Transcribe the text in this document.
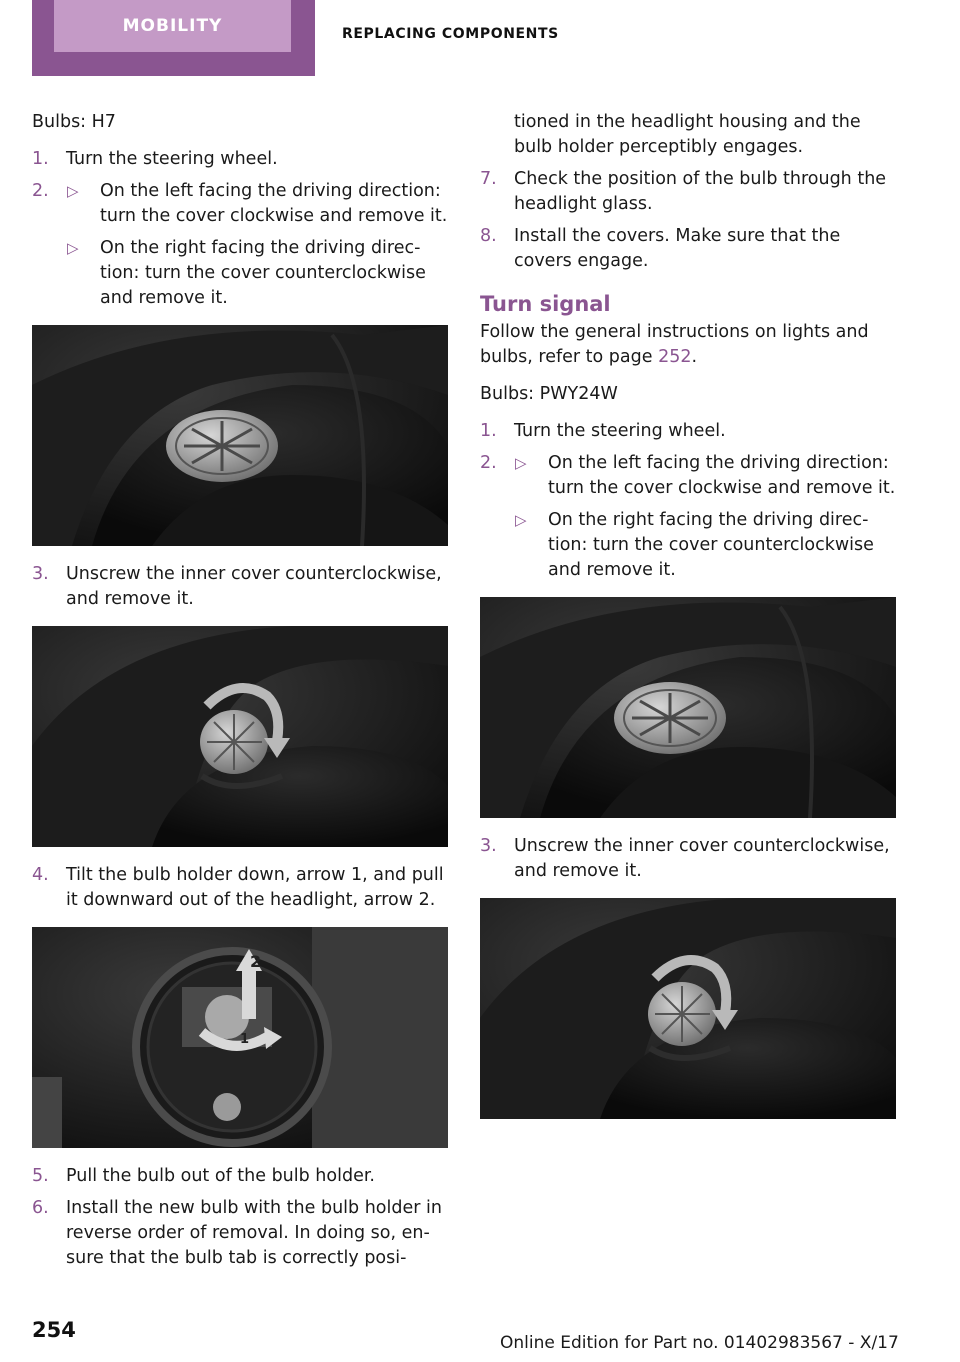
MOBILITY	REPLACING COMPONENTS

Bulbs: H7

1. Turn the steering wheel.
2. ▷ On the left facing the driving direction: turn the cover clockwise and remove it.
▷ On the right facing the driving direc‐tion: turn the cover counterclockwise and remove it.
3. Unscrew the inner cover counterclockwise, and remove it.
4. Tilt the bulb holder down, arrow 1, and pull it downward out of the headlight, arrow 2.
2
1
5. Pull the bulb out of the bulb holder.
6. Install the new bulb with the bulb holder in reverse order of removal. In doing so, en‐sure that the bulb tab is correctly posi‐

tioned in the headlight housing and the bulb holder perceptibly engages.

7. Check the position of the bulb through the headlight glass.
8. Install the covers. Make sure that the covers engage.
Turn signal

Follow the general instructions on lights and bulbs, refer to page 252.

Bulbs: PWY24W

1. Turn the steering wheel.
2. ▷ On the left facing the driving direction: turn the cover clockwise and remove it.
▷ On the right facing the driving direc‐tion: turn the cover counterclockwise and remove it.
3. Unscrew the inner cover counterclockwise, and remove it.
254
Online Edition for Part no. 01402983567 - X/17
